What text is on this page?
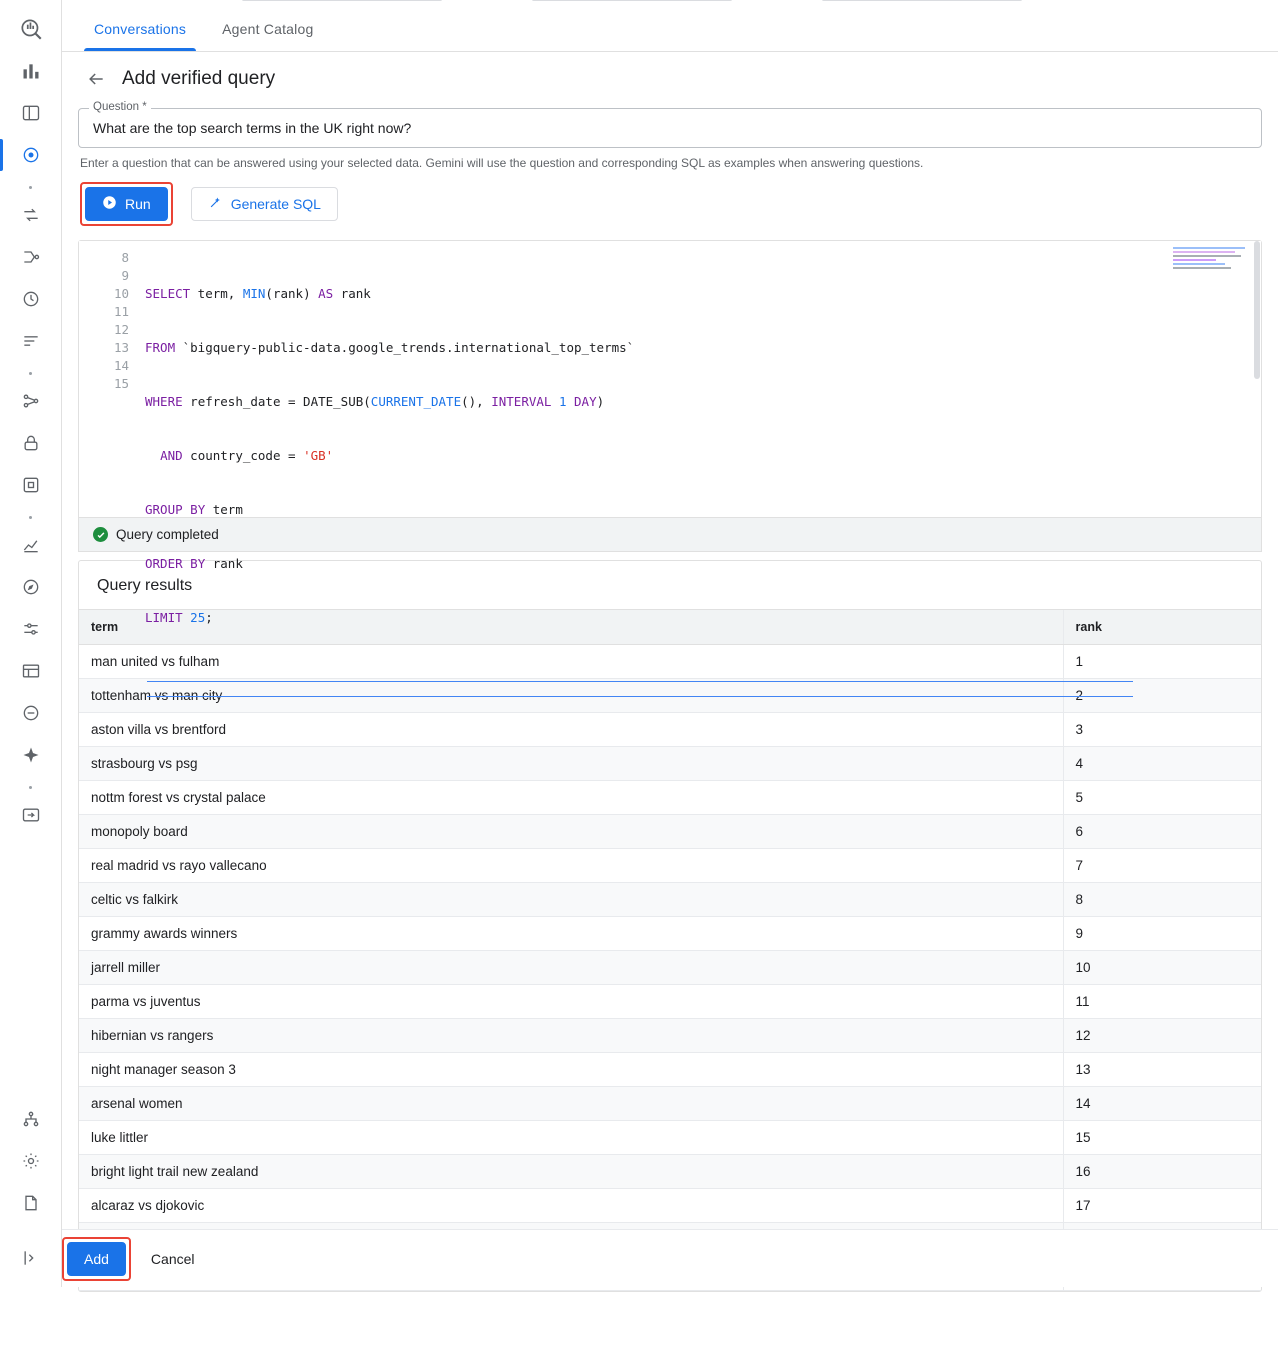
Conversations	Agent Catalog
Add verified query
Question *
What are the top search terms in the UK right now?
Enter a question that can be answered using your selected data. Gemini will use the question and corresponding SQL as examples when answering questions.
Run	Generate SQL
8
9
10
11
12
13
14
15

SELECT term, MIN(rank) AS rank

FROM `bigquery-public-data.google_trends.international_top_terms`

WHERE refresh_date = DATE_SUB(CURRENT_DATE(), INTERVAL 1 DAY)

AND country_code = 'GB'

GROUP BY term

ORDER BY rank

LIMIT 25;

Query completed
Query results
term	rank
man united vs fulham	1
tottenham vs man city	2
aston villa vs brentford	3
strasbourg vs psg	4
nottm forest vs crystal palace	5
monopoly board	6
real madrid vs rayo vallecano	7
celtic vs falkirk	8
grammy awards winners	9
jarrell miller	10
parma vs juventus	11
hibernian vs rangers	12
night manager season 3	13
arsenal women	14
luke littler	15
bright light trail new zealand	16
alcaraz vs djokovic	17

Add	Cancel
